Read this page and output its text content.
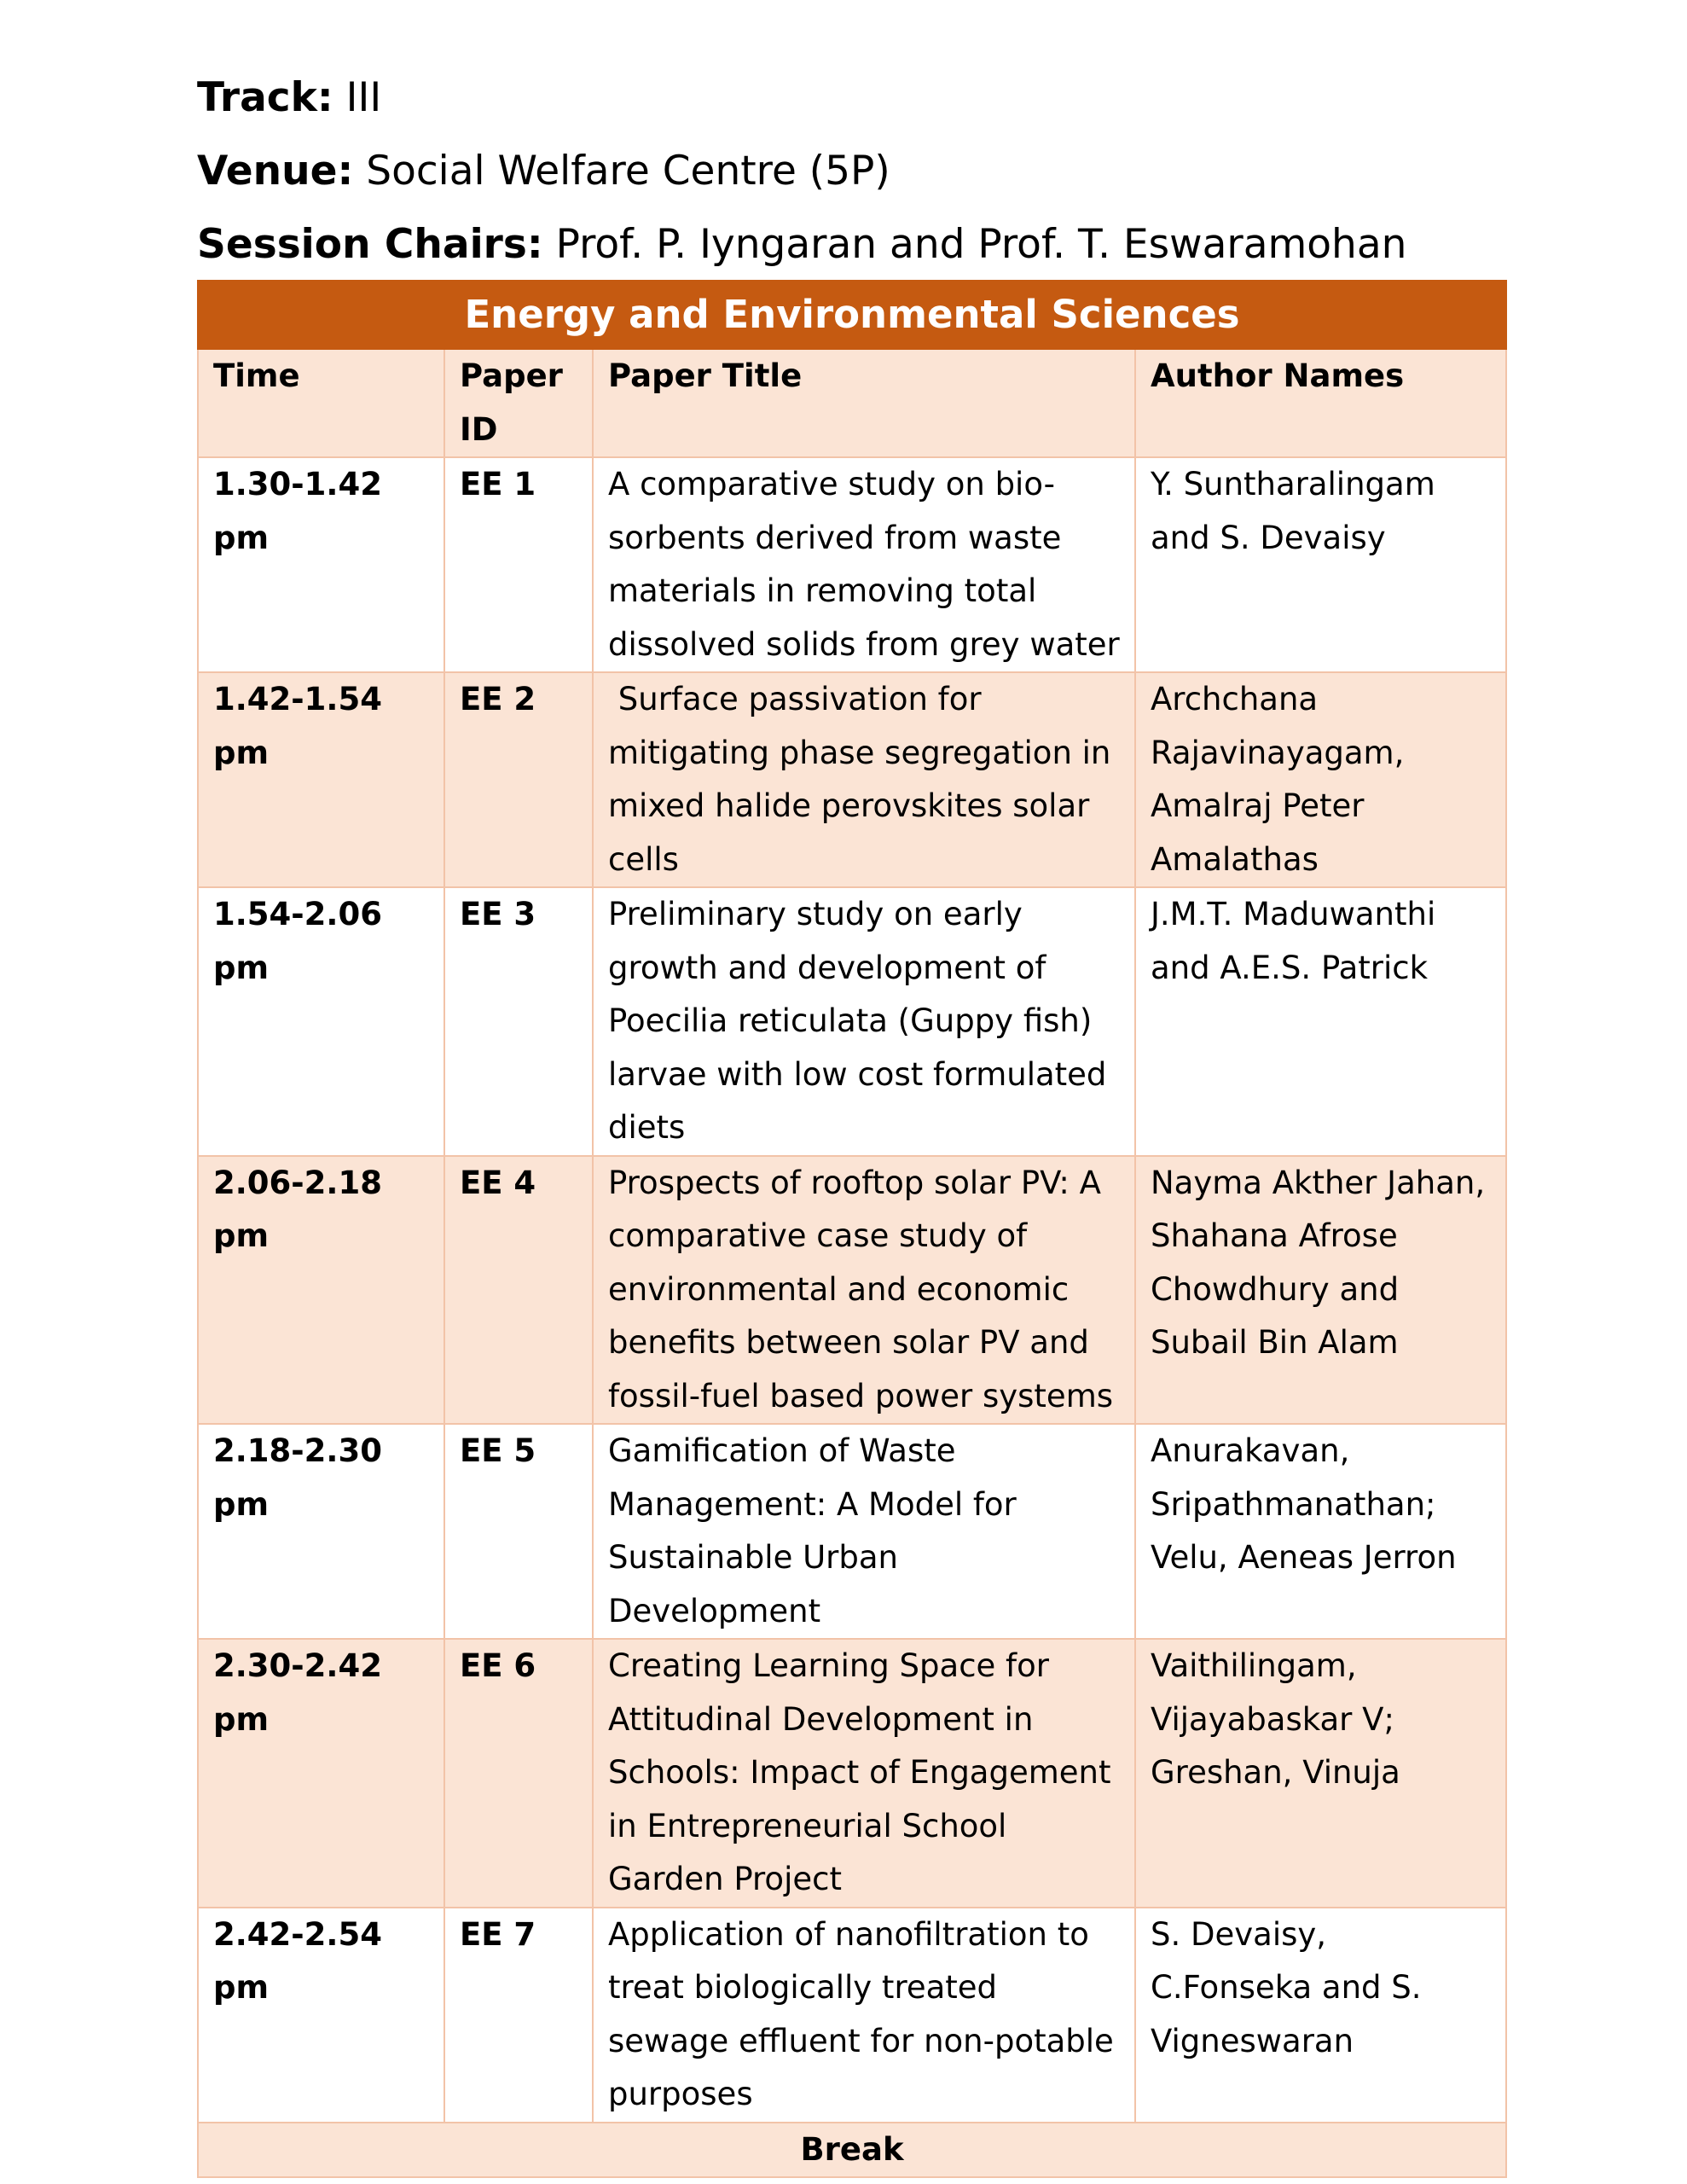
Track: III
Venue: Social Welfare Centre (5P)
Session Chairs: Prof. P. Iyngaran and Prof. T. Eswaramohan
Energy and Environmental Sciences			
Time	Paper ID	Paper Title	Author Names
1.30-1.42 pm	EE 1	A comparative study on bio-sorbents derived from waste materials in removing total dissolved solids from grey water	Y. Suntharalingam and S. Devaisy
1.42-1.54 pm	EE 2	Surface passivation for mitigating phase segregation in mixed halide perovskites solar cells	Archchana Rajavinayagam, Amalraj Peter Amalathas
1.54-2.06 pm	EE 3	Preliminary study on early growth and development of Poecilia reticulata (Guppy fish) larvae with low cost formulated diets	J.M.T. Maduwanthi and A.E.S. Patrick
2.06-2.18 pm	EE 4	Prospects of rooftop solar PV: A comparative case study of environmental and economic benefits between solar PV and fossil-fuel based power systems	Nayma Akther Jahan, Shahana Afrose Chowdhury and Subail Bin Alam
2.18-2.30 pm	EE 5	Gamification of Waste Management: A Model for Sustainable Urban Development	Anurakavan, Sripathmanathan; Velu, Aeneas Jerron
2.30-2.42 pm	EE 6	Creating Learning Space for Attitudinal Development in Schools: Impact of Engagement in Entrepreneurial School Garden Project	Vaithilingam, Vijayabaskar V; Greshan, Vinuja
2.42-2.54 pm	EE 7	Application of nanofiltration to treat biologically treated sewage effluent for non-potable purposes	S. Devaisy, C.Fonseka and S. Vigneswaran
Break			
